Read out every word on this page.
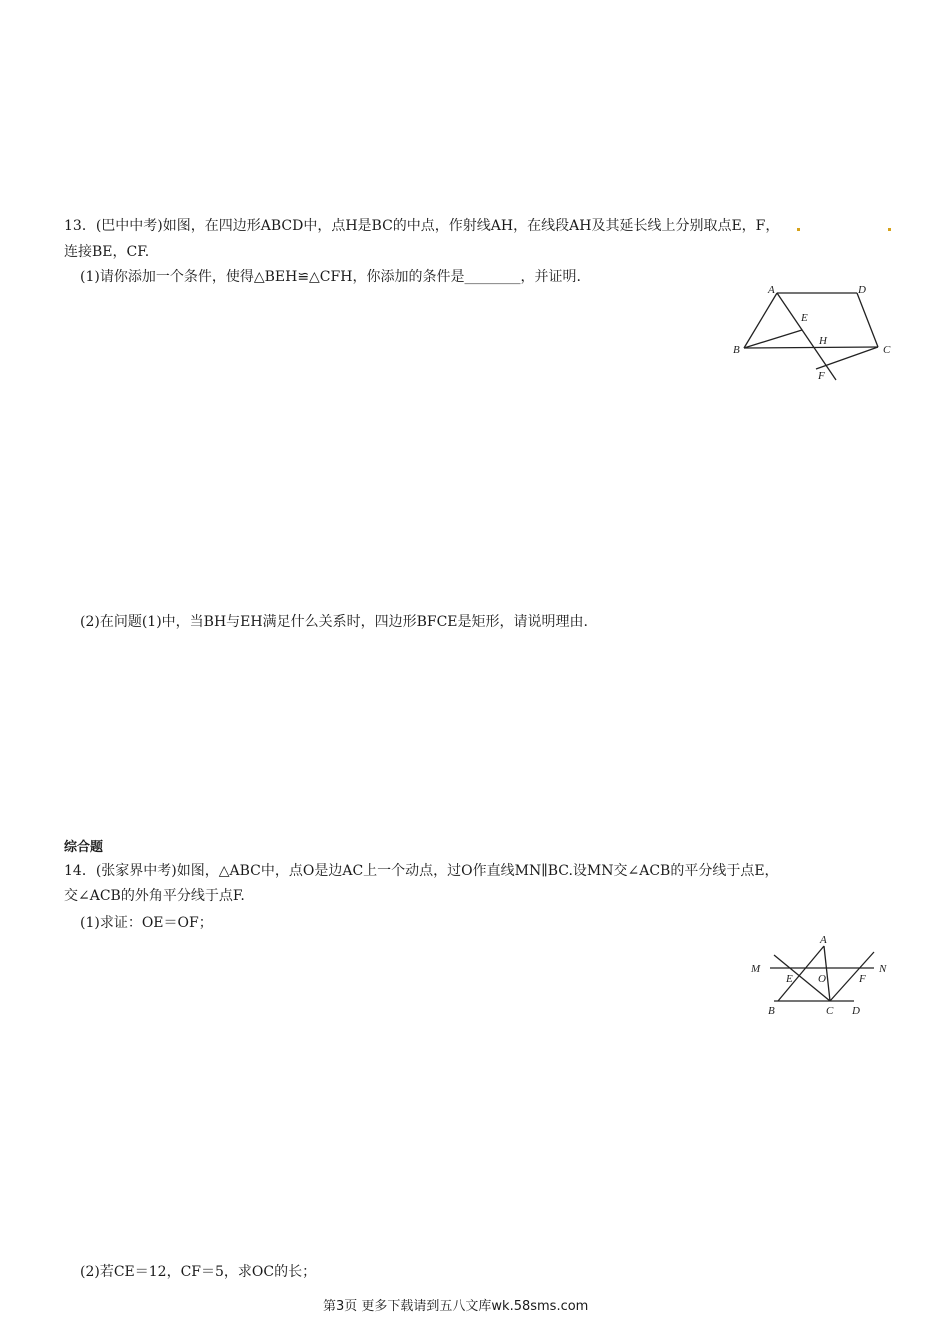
13．(巴中中考)如图，在四边形ABCD中，点H是BC的中点，作射线AH，在线段AH及其延长线上分别取点E，F，
连接BE，CF.
(1)请你添加一个条件，使得△BEH≌△CFH，你添加的条件是________，并证明.
A	D
E
B
H
C
F
(2)在问题(1)中，当BH与EH满足什么关系时，四边形BFCE是矩形，请说明理由.
综合题
14．(张家界中考)如图，△ABC中，点O是边AC上一个动点，过O作直线MN∥BC.设MN交∠ACB的平分线于点E，
交∠ACB的外角平分线于点F.
(1)求证：OE＝OF；
A
M
E O	F
N
B	C D
(2)若CE＝12，CF＝5，求OC的长；
第3页 更多下载请到五八文库wk.58sms.com
